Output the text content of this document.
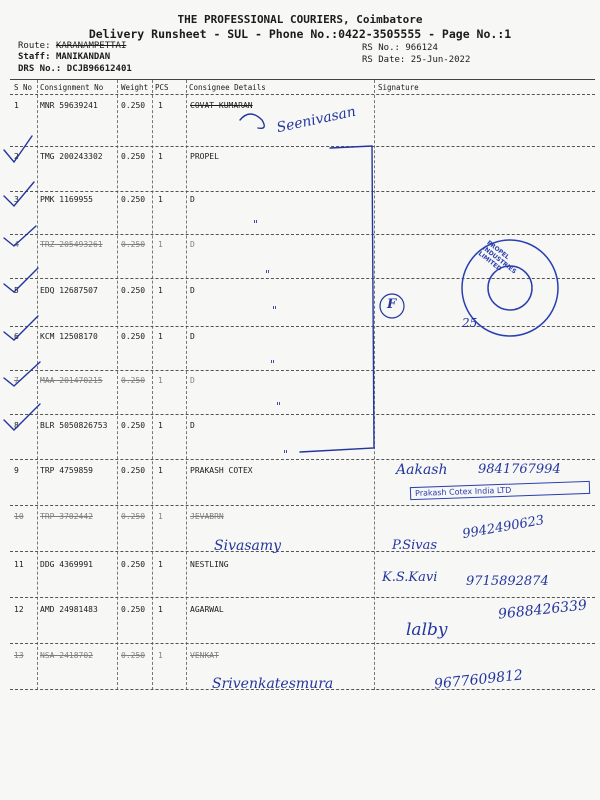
THE PROFESSIONAL COURIERS, Coimbatore
Delivery Runsheet - SUL - Phone No.:0422-3505555 - Page No.:1
Route: KARANAMPETTAI
Staff: MANIKANDAN
DRS No.: DCJB96612401
RS No.: 966124
RS Date: 25-Jun-2022
S No Consignment No Weight PCS	Consignee Details	Signature
1	MNR 59639241	0.250 1	COVAT KUMARAN
2	TMG 200243302 0.250 1	PROPEL
3	PMK 1169955	0.250 1	D
4	TRZ 205493261 0.250 1	D
5	EDQ 12687507	0.250 1	D
6	KCM 12508170	0.250 1	D
7	MAA 201470215 0.250 1	D
8	BLR 5050826753 0.250 1	D
9	TRP 4759859	0.250 1	PRAKASH COTEX
10 TRP 3702442	0.250 1	JEVABRN
11 DDG 4369991	0.250 1	NESTLING
12 AMD 24981483	0.250 1	AGARWAL
13 NSA 2418702	0.250 1	VENKAT
Seenivasan
"
"
"
"
"
"
F
PROPEL INDUSTRIES LIMITED
25
Aakash 9841767994
Prakash Cotex India LTD
Sivasamy	P.Sivas
9942490623
K.S.Kavi 9715892874
lalby
9688426339
Srivenkatesmura	9677609812
